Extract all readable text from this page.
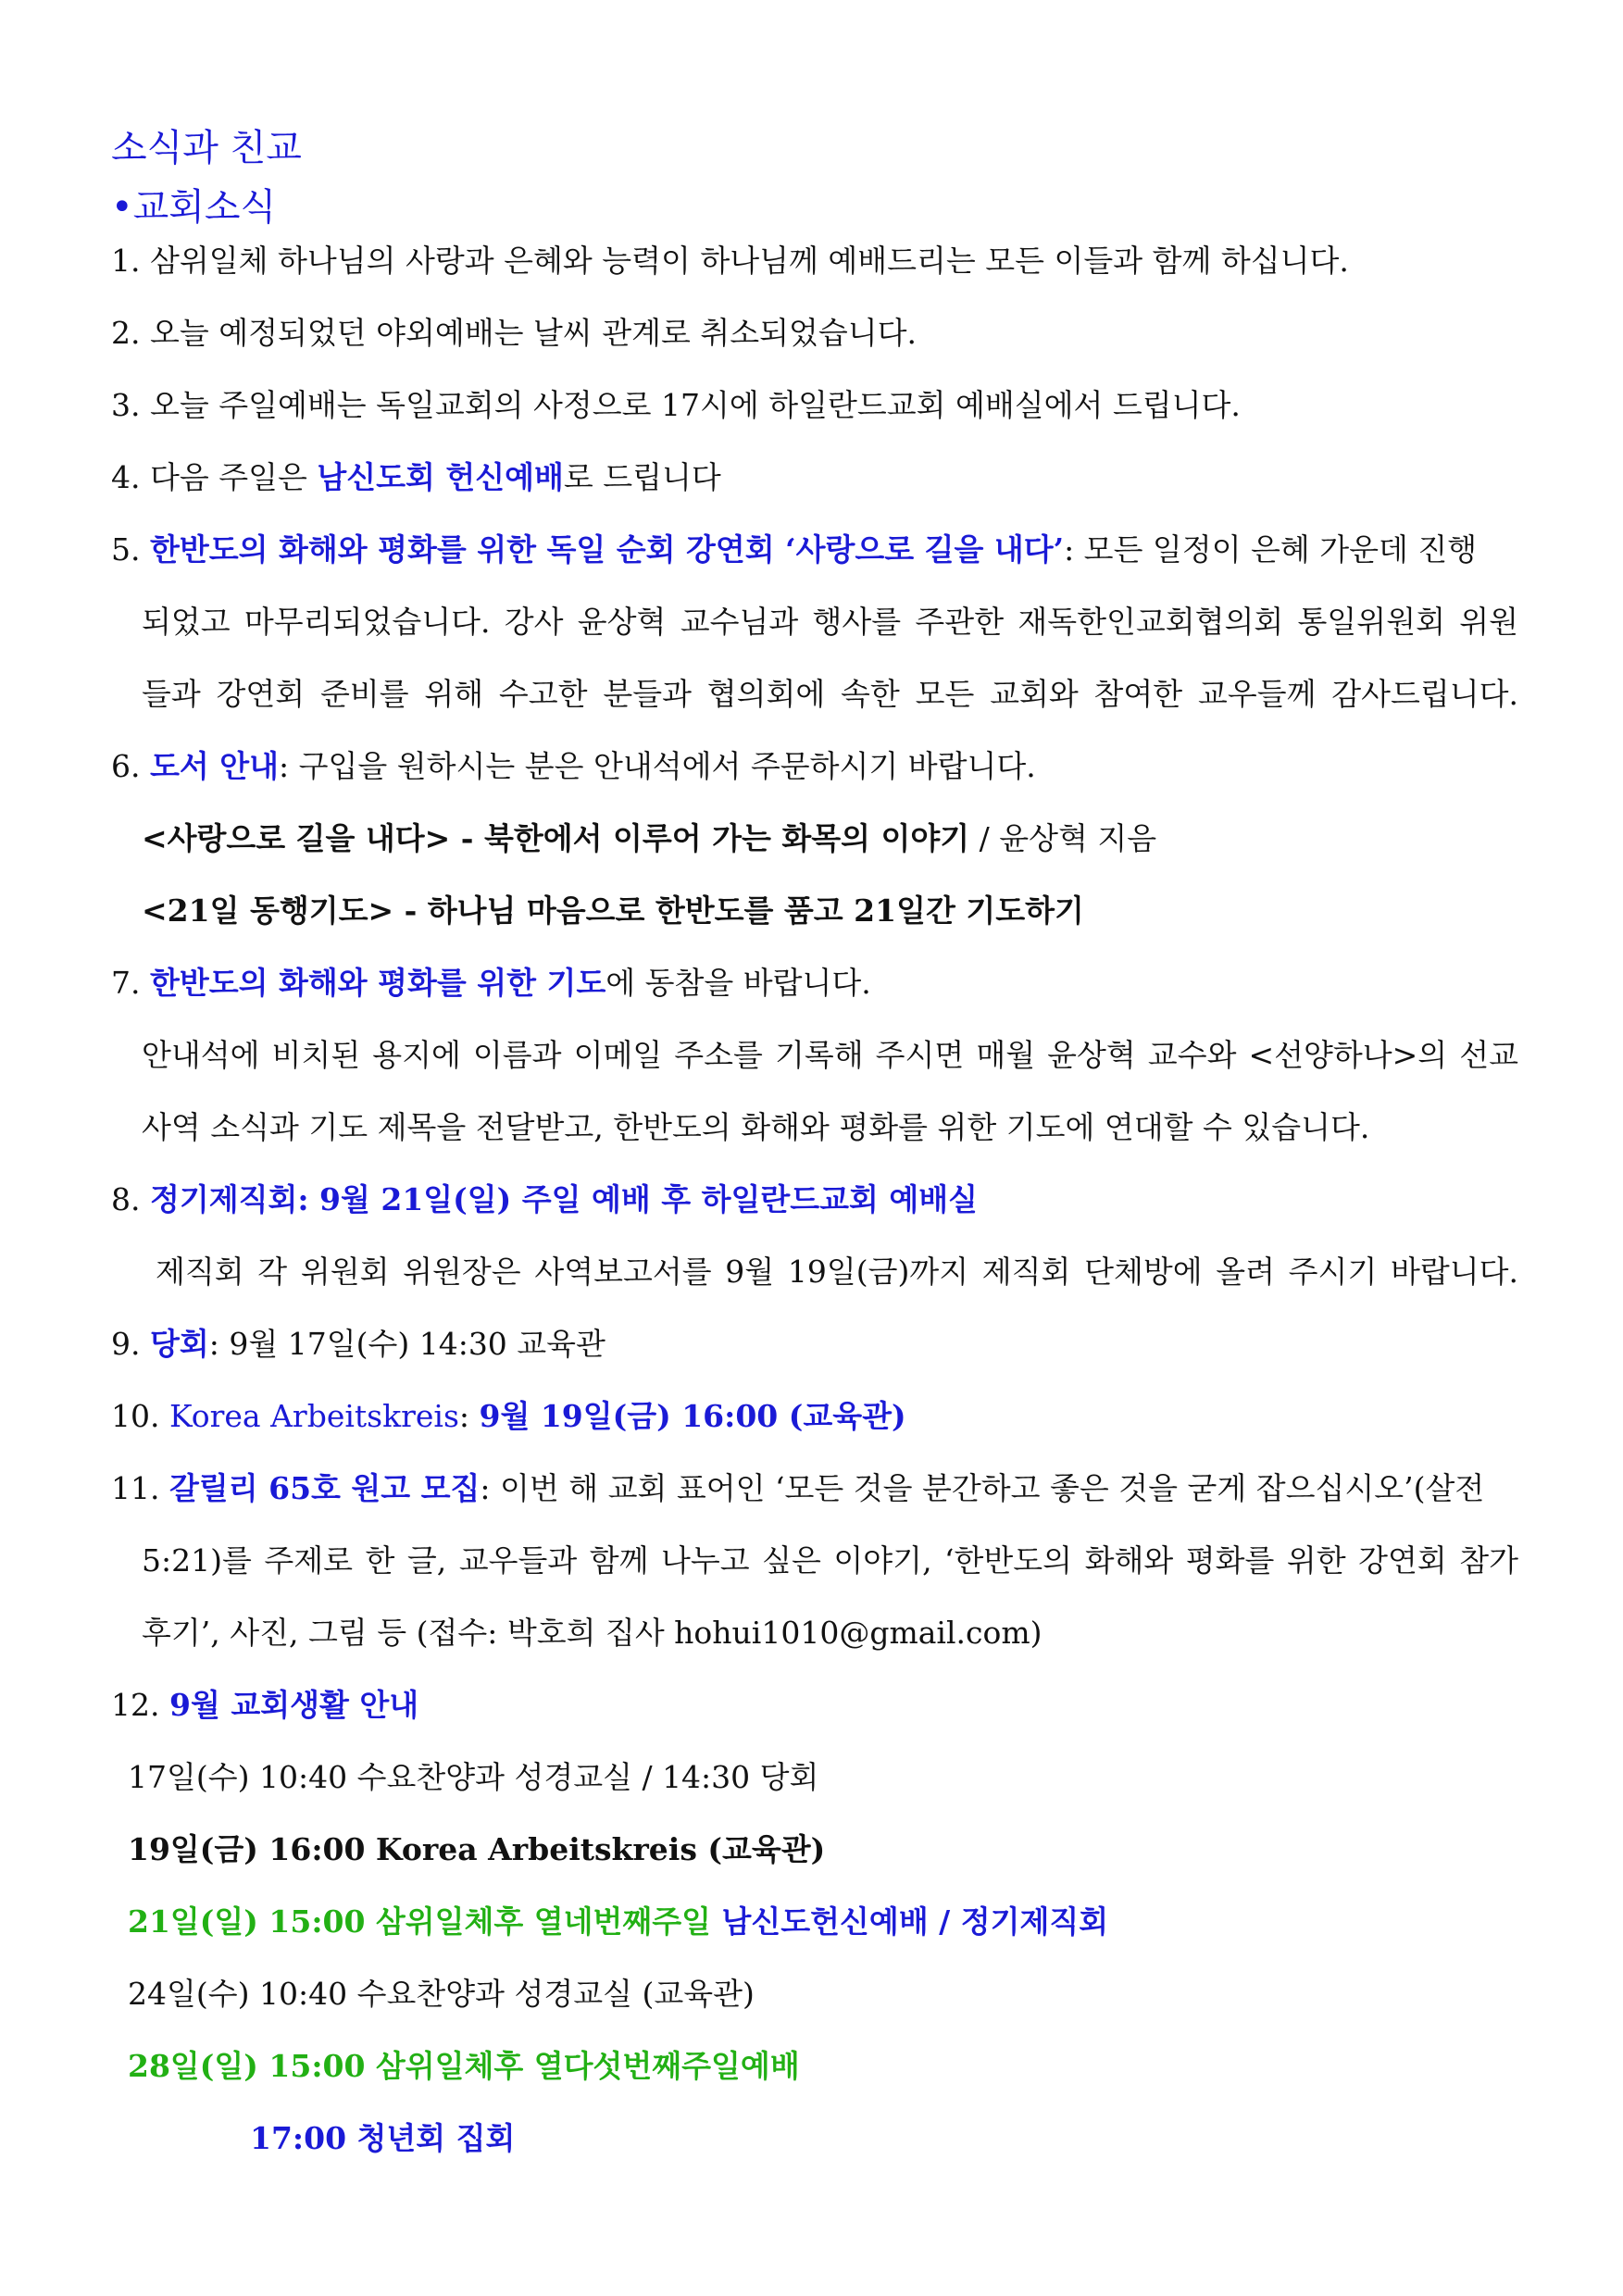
소식과 친교
•교회소식
1. 삼위일체 하나님의 사랑과 은혜와 능력이 하나님께 예배드리는 모든 이들과 함께 하십니다.
2. 오늘 예정되었던 야외예배는 날씨 관계로 취소되었습니다.
3. 오늘 주일예배는 독일교회의 사정으로 17시에 하일란드교회 예배실에서 드립니다.
4. 다음 주일은 남신도회 헌신예배로 드립니다
5. 한반도의 화해와 평화를 위한 독일 순회 강연회 ‘사랑으로 길을 내다’: 모든 일정이 은혜 가운데 진행
되었고 마무리되었습니다. 강사 윤상혁 교수님과 행사를 주관한 재독한인교회협의회 통일위원회 위원
들과 강연회 준비를 위해 수고한 분들과 협의회에 속한 모든 교회와 참여한 교우들께 감사드립니다.
6. 도서 안내: 구입을 원하시는 분은 안내석에서 주문하시기 바랍니다.
<사랑으로 길을 내다> - 북한에서 이루어 가는 화목의 이야기 / 윤상혁 지음
<21일 동행기도> - 하나님 마음으로 한반도를 품고 21일간 기도하기
7. 한반도의 화해와 평화를 위한 기도에 동참을 바랍니다.
안내석에 비치된 용지에 이름과 이메일 주소를 기록해 주시면 매월 윤상혁 교수와 <선양하나>의 선교
사역 소식과 기도 제목을 전달받고, 한반도의 화해와 평화를 위한 기도에 연대할 수 있습니다.
8. 정기제직회: 9월 21일(일) 주일 예배 후 하일란드교회 예배실
제직회 각 위원회 위원장은 사역보고서를 9월 19일(금)까지 제직회 단체방에 올려 주시기 바랍니다.
9. 당회: 9월 17일(수) 14:30 교육관
10. Korea Arbeitskreis: 9월 19일(금) 16:00 (교육관)
11. 갈릴리 65호 원고 모집: 이번 해 교회 표어인 ‘모든 것을 분간하고 좋은 것을 굳게 잡으십시오’(살전
5:21)를 주제로 한 글, 교우들과 함께 나누고 싶은 이야기, ‘한반도의 화해와 평화를 위한 강연회 참가
후기’, 사진, 그림 등 (접수: 박호희 집사 hohui1010@gmail.com)
12. 9월 교회생활 안내
17일(수) 10:40 수요찬양과 성경교실 / 14:30 당회
19일(금) 16:00 Korea Arbeitskreis (교육관)
21일(일) 15:00 삼위일체후 열네번째주일 남신도헌신예배 / 정기제직회
24일(수) 10:40 수요찬양과 성경교실 (교육관)
28일(일) 15:00 삼위일체후 열다섯번째주일예배
17:00 청년회 집회
